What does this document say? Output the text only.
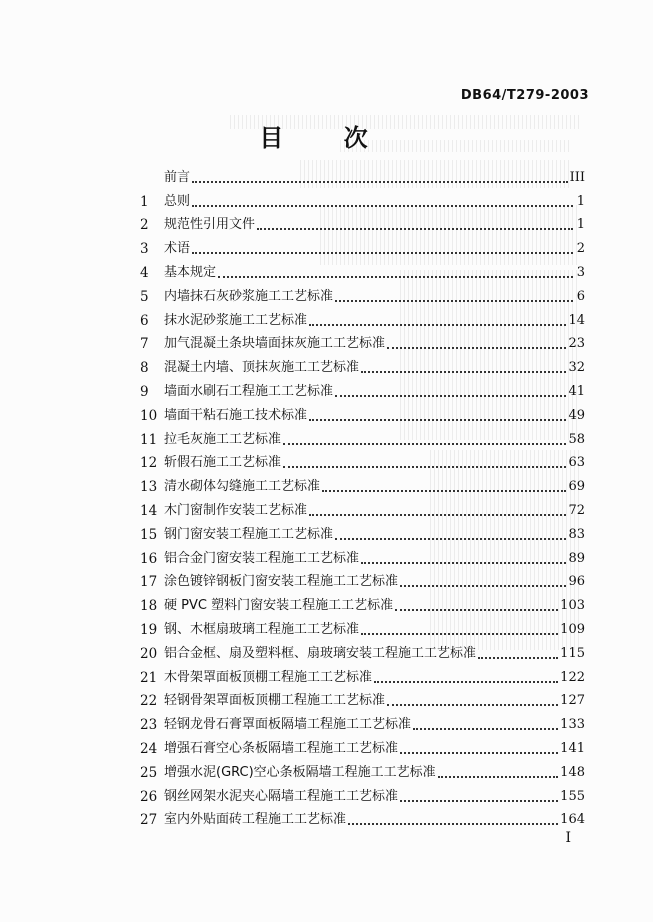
DB64/T279-2003
目 次
前言	III
1	总则	1
2	规范性引用文件	1
3	术语	2
4	基本规定	3
5	内墙抹石灰砂浆施工工艺标准	6
6	抹水泥砂浆施工工艺标准	14
7	加气混凝土条块墙面抹灰施工工艺标准	23
8	混凝土内墙、顶抹灰施工工艺标准	32
9	墙面水刷石工程施工工艺标准	41
10 墙面干粘石施工技术标准	49
11 拉毛灰施工工艺标准	58
12 斩假石施工工艺标准	63
13 清水砌体勾缝施工工艺标准	69
14 木门窗制作安装工艺标准	72
15 钢门窗安装工程施工工艺标准	83
16 铝合金门窗安装工程施工工艺标准	89
17 涂色镀锌钢板门窗安装工程施工工艺标准	96
18 硬 PVC 塑料门窗安装工程施工工艺标准	103
19 钢、木框扇玻璃工程施工工艺标准	109
20 铝合金框、扇及塑料框、扇玻璃安装工程施工工艺标准	115
21 木骨架罩面板顶棚工程施工工艺标准	122
22 轻钢骨架罩面板顶棚工程施工工艺标准	127
23 轻钢龙骨石膏罩面板隔墙工程施工工艺标准	133
24 增强石膏空心条板隔墙工程施工工艺标准	141
25 增强水泥(GRC)空心条板隔墙工程施工工艺标准	148
26 钢丝网架水泥夹心隔墙工程施工工艺标准	155
27 室内外贴面砖工程施工工艺标准	164
I
